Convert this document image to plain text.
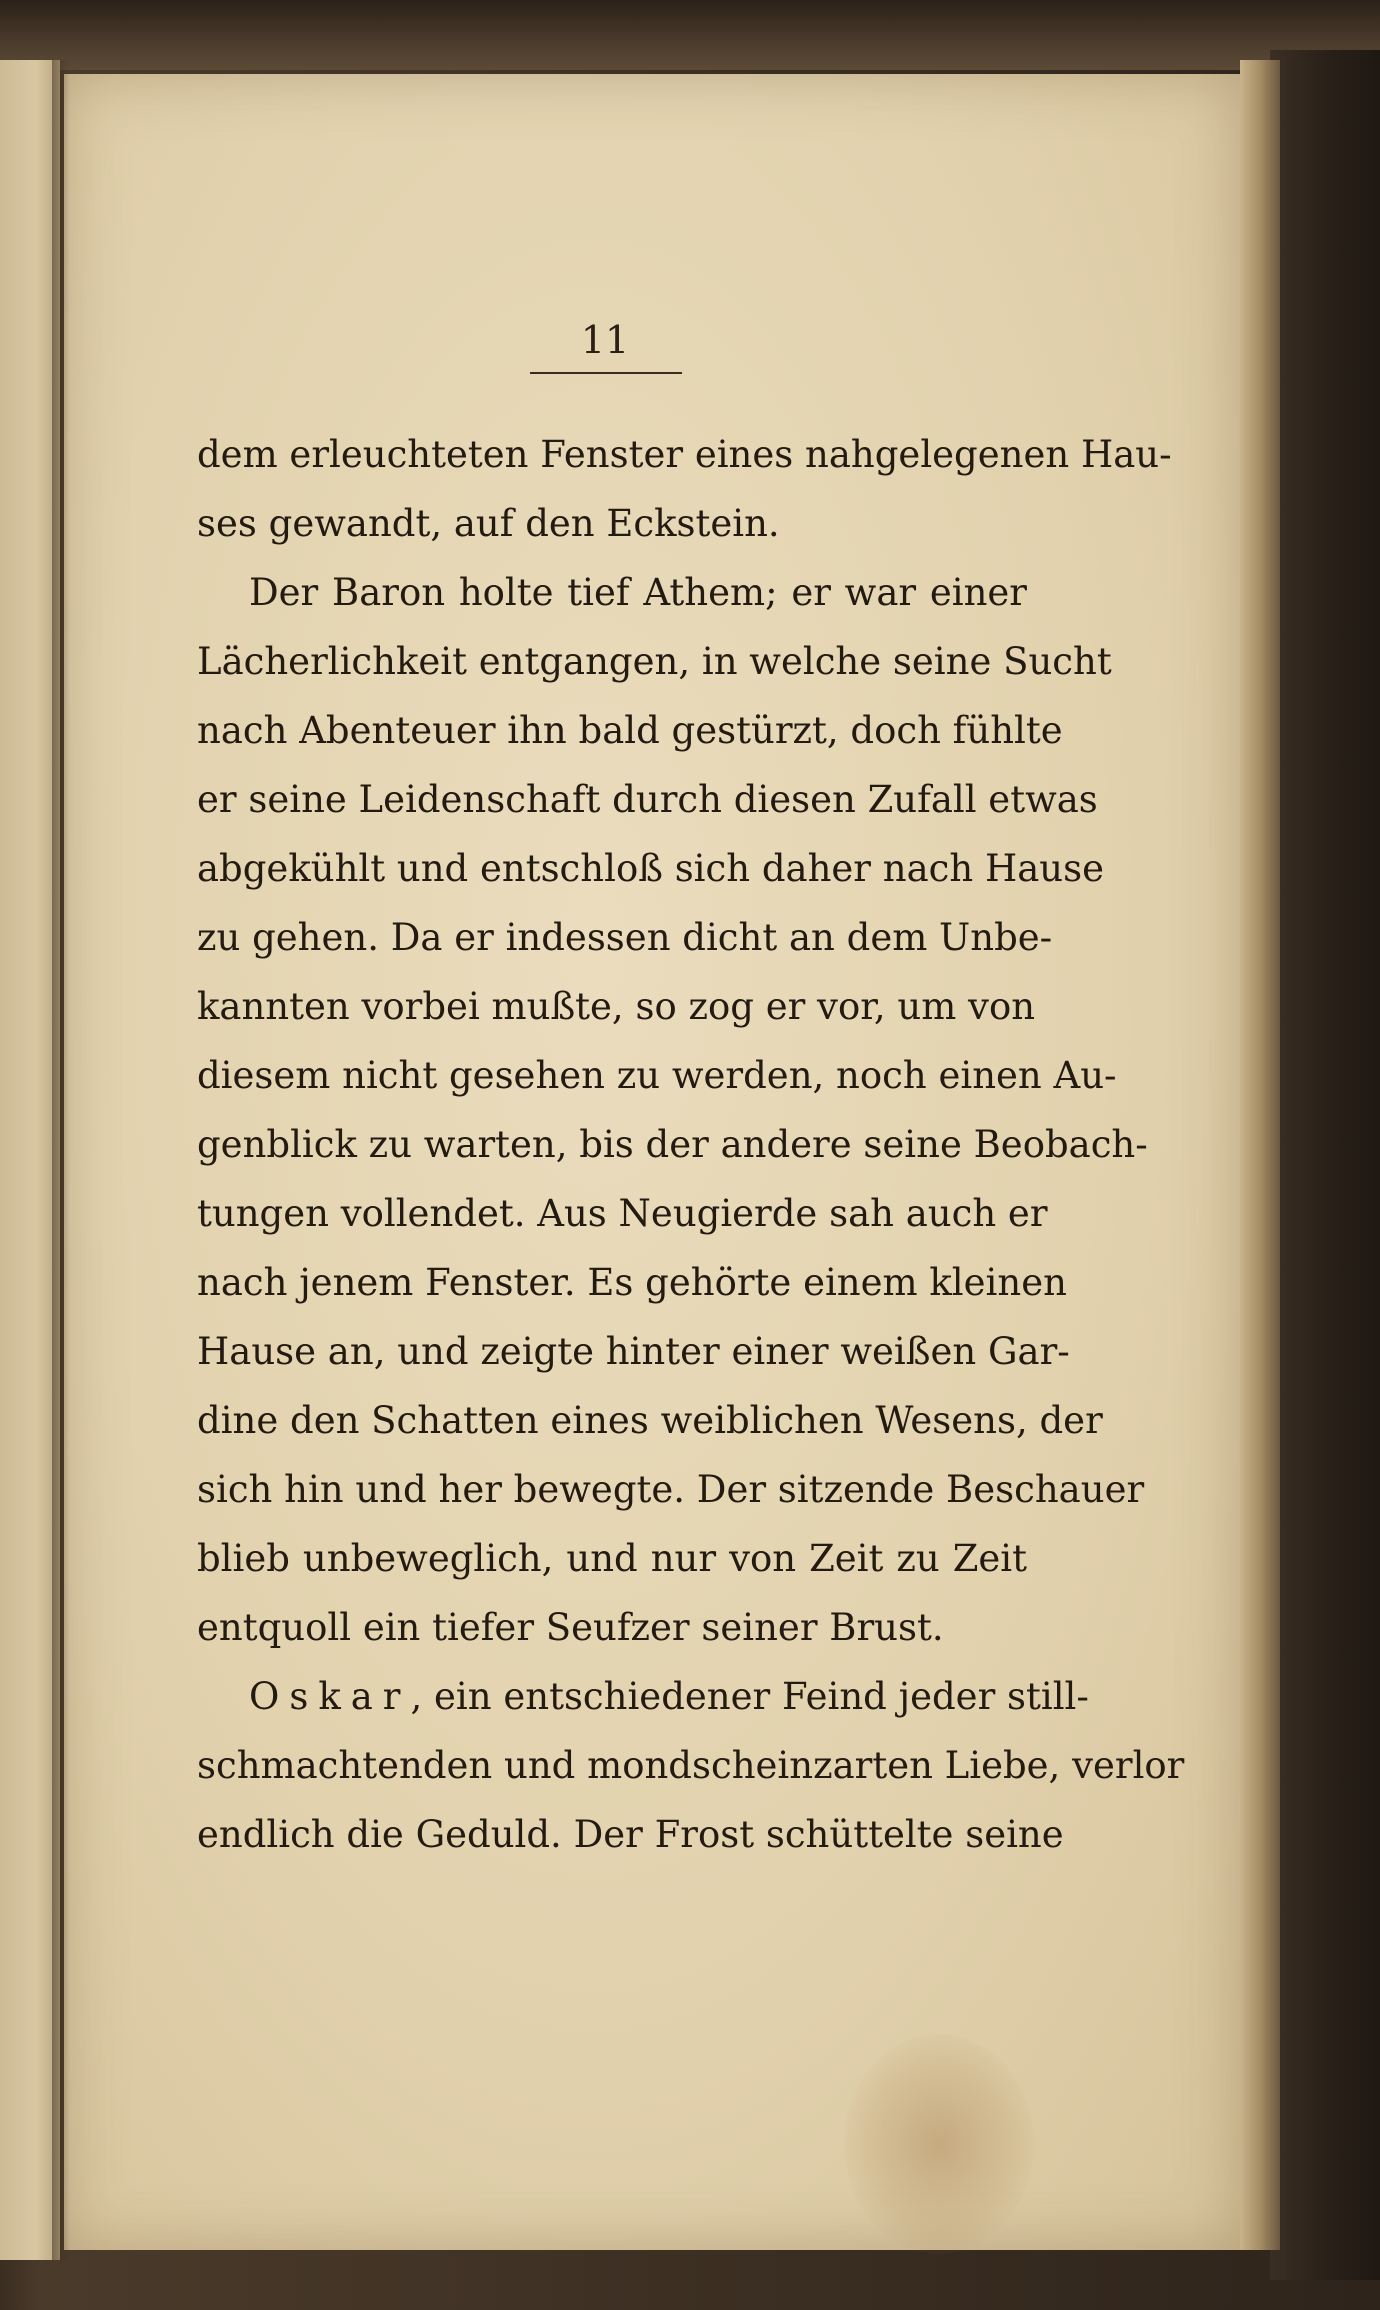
11
dem erleuchteten Fenster eines nahgelegenen Hau-
ses gewandt, auf den Eckstein.
Der Baron holte tief Athem; er war einer
Lächerlichkeit entgangen, in welche seine Sucht
nach Abenteuer ihn bald gestürzt, doch fühlte
er seine Leidenschaft durch diesen Zufall etwas
abgekühlt und entschloß sich daher nach Hause
zu gehen. Da er indessen dicht an dem Unbe-
kannten vorbei mußte, so zog er vor, um von
diesem nicht gesehen zu werden, noch einen Au-
genblick zu warten, bis der andere seine Beobach-
tungen vollendet. Aus Neugierde sah auch er
nach jenem Fenster. Es gehörte einem kleinen
Hause an, und zeigte hinter einer weißen Gar-
dine den Schatten eines weiblichen Wesens, der
sich hin und her bewegte. Der sitzende Beschauer
blieb unbeweglich, und nur von Zeit zu Zeit
entquoll ein tiefer Seufzer seiner Brust.
Oskar, ein entschiedener Feind jeder still-
schmachtenden und mondscheinzarten Liebe, verlor
endlich die Geduld. Der Frost schüttelte seine
